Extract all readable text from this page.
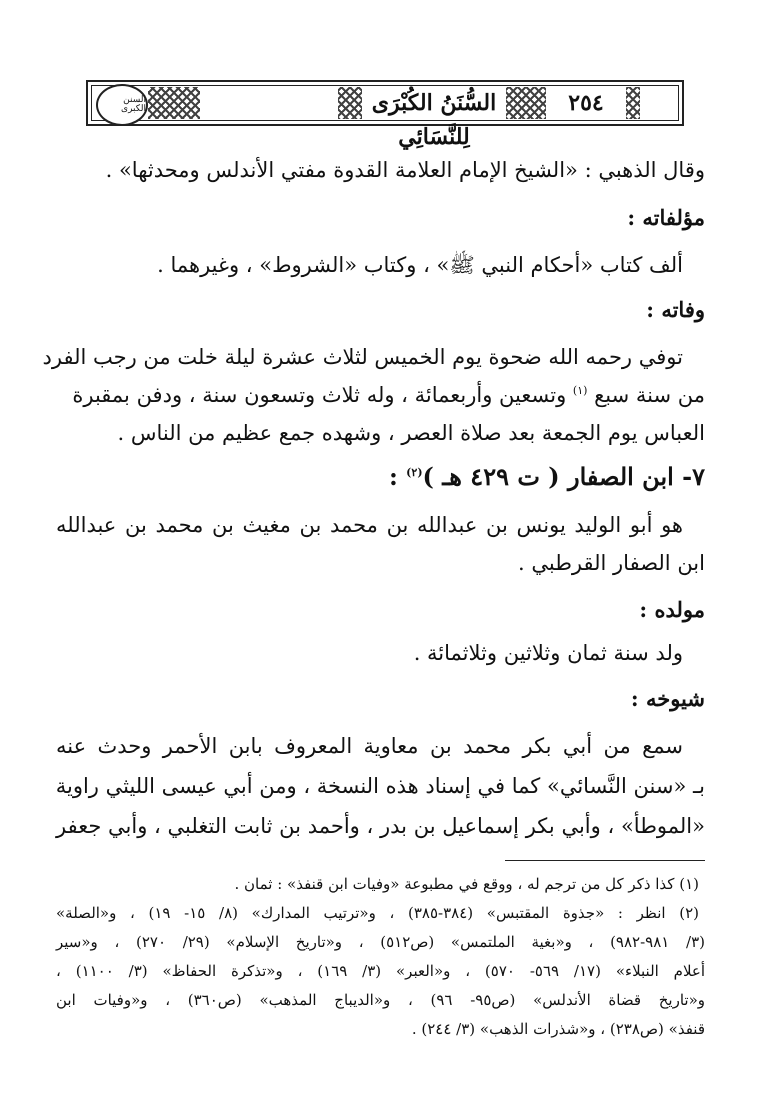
السنن الكبرى	السُّنَنُ الكُبْرَى لِلنَّسَائِي
٢٥٤
وقال الذهبي : «الشيخ الإمام العلامة القدوة مفتي الأندلس ومحدثها» .
مؤلفاته :
ألف كتاب «أحكام النبي ﷺ» ، وكتاب «الشروط» ، وغيرهما .
وفاته :
توفي رحمه الله ضحوة يوم الخميس لثلاث عشرة ليلة خلت من رجب الفرد
من سنة سبع $^{(١)}$ وتسعين وأربعمائة ، وله ثلاث وتسعون سنة ، ودفن بمقبرة
العباس يوم الجمعة بعد صلاة العصر ، وشهده جمع عظيم من الناس .
٧- ابن الصفار ( ت ٤٢٩ هـ )$^{(٢)}$ :
هو أبو الوليد يونس بن عبدالله بن محمد بن مغيث بن محمد بن عبدالله
ابن الصفار القرطبي .
مولده :
ولد سنة ثمان وثلاثين وثلاثمائة .
شيوخه :
سمع من أبي بكر محمد بن معاوية المعروف بابن الأحمر وحدث عنه
بـ «سنن النَّسائي» كما في إسناد هذه النسخة ، ومن أبي عيسى الليثي راوية
«الموطأ» ، وأبي بكر إسماعيل بن بدر ، وأحمد بن ثابت التغلبي ، وأبي جعفر
(١) كذا ذكر كل من ترجم له ، ووقع في مطبوعة «وفيات ابن قنفذ» : ثمان .
(٢) انظر : «جذوة المقتبس» (٣٨٤-٣٨٥) ، و«ترتيب المدارك» (٨/ ١٥- ١٩) ، و«الصلة»
(٣/ ٩٨١-٩٨٢) ، و«بغية الملتمس» (ص٥١٢) ، و«تاريخ الإسلام» (٢٩/ ٢٧٠) ، و«سير
أعلام النبلاء» (١٧/ ٥٦٩- ٥٧٠) ، و«العبر» (٣/ ١٦٩) ، و«تذكرة الحفاظ» (٣/ ١١٠٠) ،
و«تاريخ قضاة الأندلس» (ص٩٥- ٩٦) ، و«الديباج المذهب» (ص٣٦٠) ، و«وفيات ابن
قنفذ» (ص٢٣٨) ، و«شذرات الذهب» (٣/ ٢٤٤) .
